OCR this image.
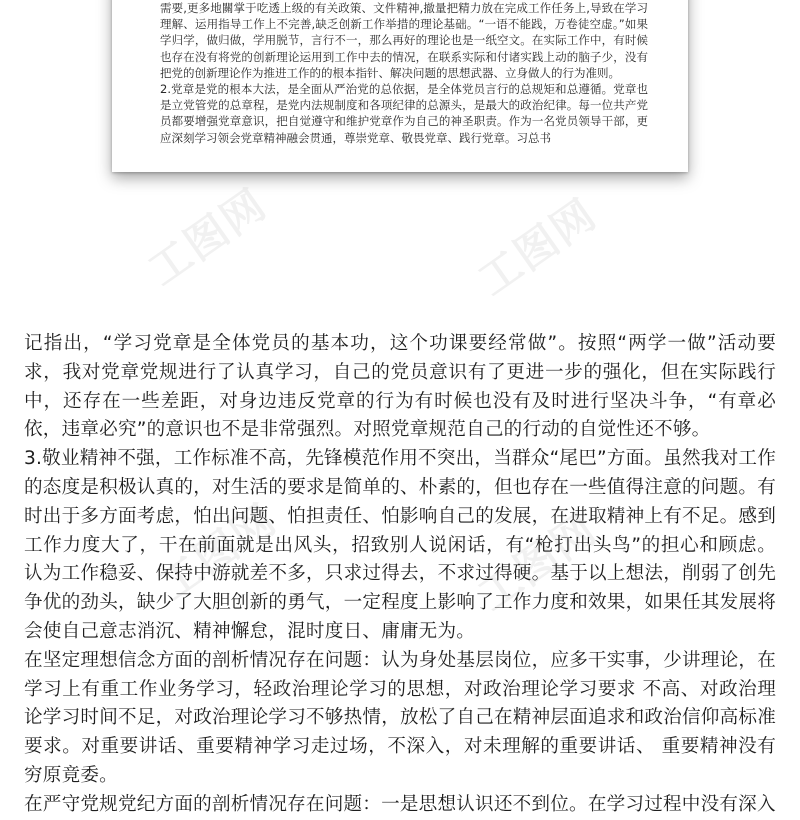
需要,更多地關掌于吃透上级的有关政策、文件精神,撤量把精力放在完成工作任务上,导致在学习理解、运用指导工作上不完善,缺乏创新工作举措的理论基础。“一语不能践，万卷徒空虚。”如果学归学，做归做，学用脱节，言行不一，那么再好的理论也是一纸空文。在实际工作中，有时候也存在没有将党的创新理论运用到工作中去的情况，在联系实际和付诸实践上动的脑子少，没有把党的创新理论作为推进工作的的根本指针、解决问题的思想武器、立身做人的行为准则。

2.党章是党的根本大法，是全面从严治党的总依据，是全体党员言行的总规矩和总遵循。党章也是立党管党的总章程，是党内法规制度和各项纪律的总源头，是最大的政治纪律。每一位共产党员都要增强党章意识，把自觉遵守和维护党章作为自己的神圣职责。作为一名党员领导干部，更应深刻学习领会党章精神融会贯通，尊崇党章、敬畏党章、践行党章。习总书

工图网	工图网
工图网	工图网

记指出，“学习党章是全体党员的基本功，这个功课要经常做”。按照“两学一做”活动要求，我对党章党规进行了认真学习，自己的党员意识有了更进一步的强化，但在实际践行中，还存在一些差距，对身边违反党章的行为有时候也没有及时进行坚决斗争，“有章必依，违章必究”的意识也不是非常强烈。对照党章规范自己的行动的自觉性还不够。

3.敬业精神不强，工作标准不高，先锋模范作用不突出，当群众“尾巴”方面。虽然我对工作的态度是积极认真的，对生活的要求是简单的、朴素的，但也存在一些值得注意的问题。有时出于多方面考虑，怕出问题、怕担责任、怕影响自己的发展，在进取精神上有不足。感到工作力度大了，干在前面就是出风头，招致别人说闲话，有“枪打出头鸟”的担心和顾虑。认为工作稳妥、保持中游就差不多，只求过得去，不求过得硬。基于以上想法，削弱了创先争优的劲头，缺少了大胆创新的勇气，一定程度上影响了工作力度和效果，如果任其发展将会使自己意志消沉、精神懈怠，混时度日、庸庸无为。

在坚定理想信念方面的剖析情况存在问题：认为身处基层岗位，应多干实事，少讲理论，在学习上有重工作业务学习，轻政治理论学习的思想，对政治理论学习要求 不高、对政治理论学习时间不足，对政治理论学习不够热情，放松了自己在精神层面追求和政治信仰高标准要求。对重要讲话、重要精神学习走过场，不深入，对未理解的重要讲话、 重要精神没有穷原竟委。

在严守党规党纪方面的剖析情况存在问题：一是思想认识还不到位。在学习过程中没有深入
